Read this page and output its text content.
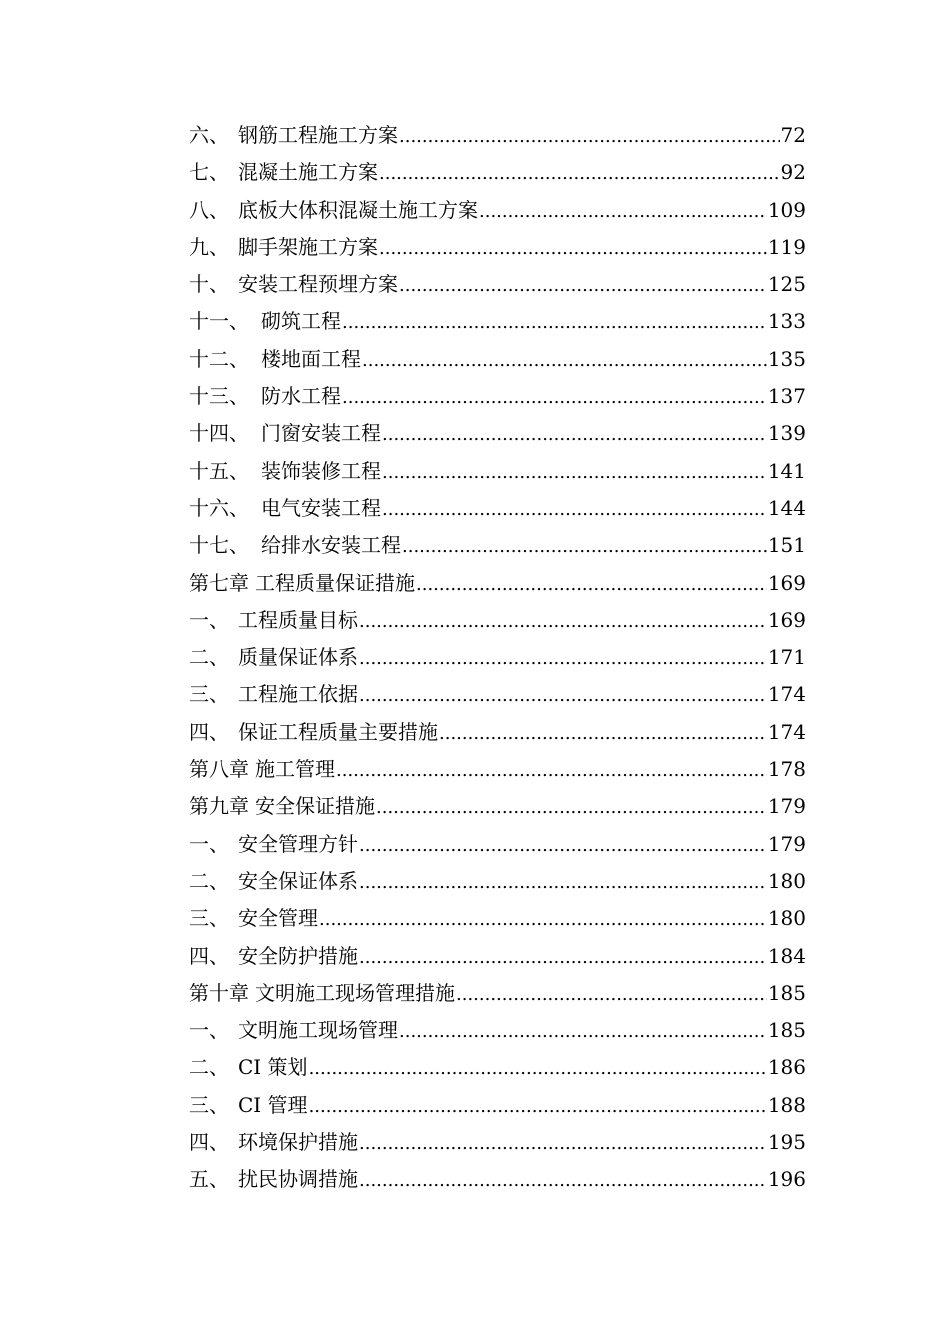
六、 钢筋工程施工方案 .....	72
七、 混凝土施工方案 .....	92
八、 底板大体积混凝土施工方案 .....	109
九、 脚手架施工方案 .....	119
十、 安装工程预埋方案 .....	125
十一、 砌筑工程 .....	133
十二、 楼地面工程 .....	135
十三、 防水工程 .....	137
十四、 门窗安装工程 .....	139
十五、 装饰装修工程 .....	141
十六、 电气安装工程 .....	144
十七、 给排水安装工程 .....	151
第七章 工程质量保证措施 .....	169
一、 工程质量目标 .....	169
二、 质量保证体系 .....	171
三、 工程施工依据 .....	174
四、 保证工程质量主要措施 .....	174
第八章 施工管理 .....	178
第九章 安全保证措施 .....	179
一、 安全管理方针 .....	179
二、 安全保证体系 .....	180
三、 安全管理 .....	180
四、 安全防护措施 .....	184
第十章 文明施工现场管理措施 .....	185
一、 文明施工现场管理 .....	185
二、 CI 策划 .....	186
三、 CI 管理 .....	188
四、 环境保护措施 .....	195
五、 扰民协调措施 .....	196
